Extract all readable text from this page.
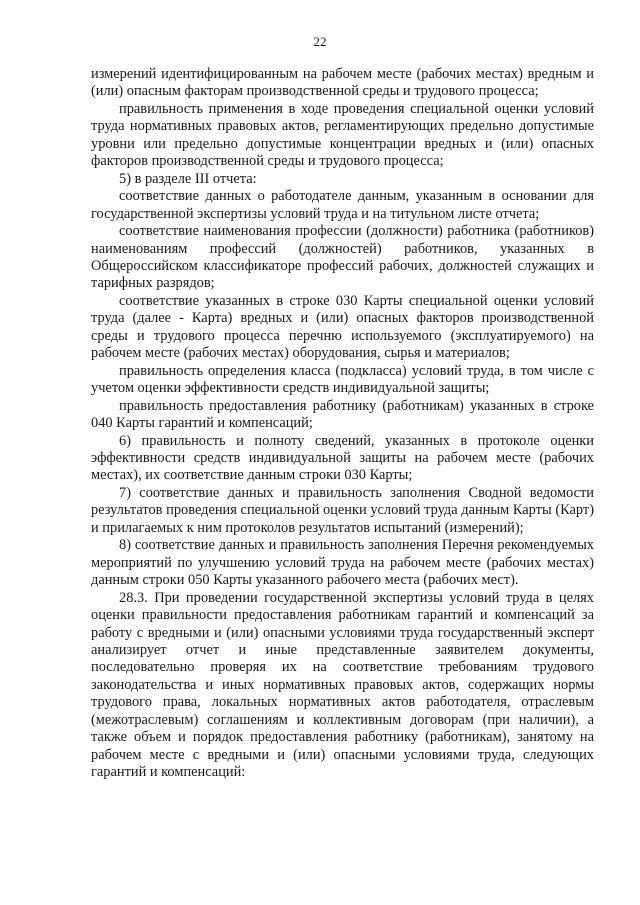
22

измерений идентифицированным на рабочем месте (рабочих местах) вредным и (или) опасным факторам производственной среды и трудового процесса;

правильность применения в ходе проведения специальной оценки условий труда нормативных правовых актов, регламентирующих предельно допустимые уровни или предельно допустимые концентрации вредных и (или) опасных факторов производственной среды и трудового процесса;

5) в разделе III отчета:

соответствие данных о работодателе данным, указанным в основании для государственной экспертизы условий труда и на титульном листе отчета;

соответствие наименования профессии (должности) работника (работников) наименованиям профессий (должностей) работников, указанных в Общероссийском классификаторе профессий рабочих, должностей служащих и тарифных разрядов;

соответствие указанных в строке 030 Карты специальной оценки условий труда (далее - Карта) вредных и (или) опасных факторов производственной среды и трудового процесса перечню используемого (эксплуатируемого) на рабочем месте (рабочих местах) оборудования, сырья и материалов;

правильность определения класса (подкласса) условий труда, в том числе с учетом оценки эффективности средств индивидуальной защиты;

правильность предоставления работнику (работникам) указанных в строке 040 Карты гарантий и компенсаций;

6) правильность и полноту сведений, указанных в протоколе оценки эффективности средств индивидуальной защиты на рабочем месте (рабочих местах), их соответствие данным строки 030 Карты;

7) соответствие данных и правильность заполнения Сводной ведомости результатов проведения специальной оценки условий труда данным Карты (Карт) и прилагаемых к ним протоколов результатов испытаний (измерений);

8) соответствие данных и правильность заполнения Перечня рекомендуемых мероприятий по улучшению условий труда на рабочем месте (рабочих местах) данным строки 050 Карты указанного рабочего места (рабочих мест).

28.3. При проведении государственной экспертизы условий труда в целях оценки правильности предоставления работникам гарантий и компенсаций за работу с вредными и (или) опасными условиями труда государственный эксперт анализирует отчет и иные представленные заявителем документы, последовательно проверяя их на соответствие требованиям трудового законодательства и иных нормативных правовых актов, содержащих нормы трудового права, локальных нормативных актов работодателя, отраслевым (межотраслевым) соглашениям и коллективным договорам (при наличии), а также объем и порядок предоставления работнику (работникам), занятому на рабочем месте с вредными и (или) опасными условиями труда, следующих гарантий и компенсаций:
